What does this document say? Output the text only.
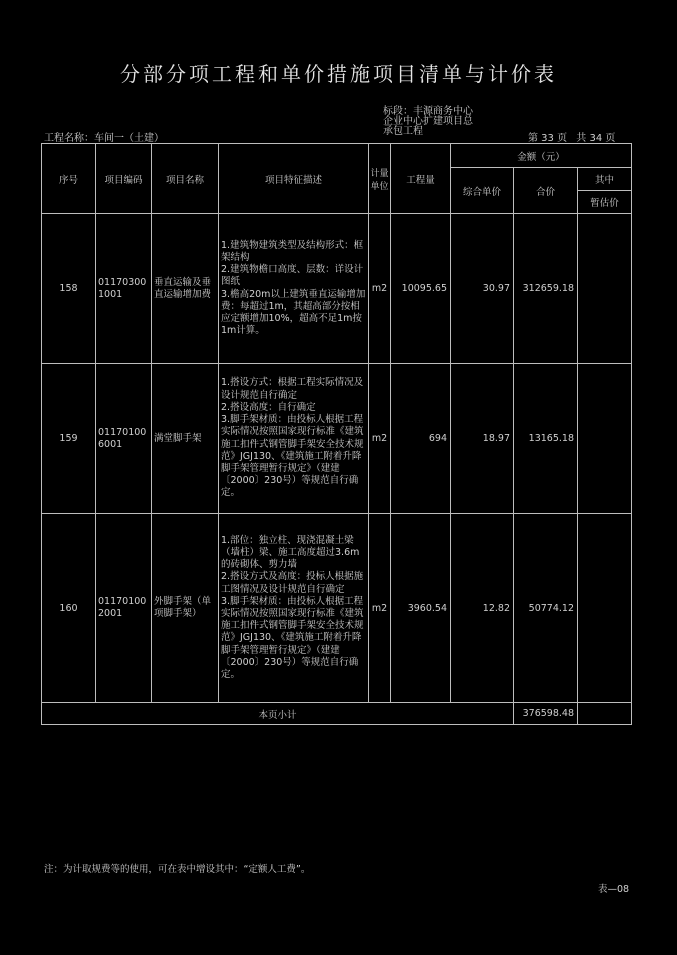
分部分项工程和单价措施项目清单与计价表
标段：丰源商务中心
企业中心扩建项目总
承包工程
工程名称：车间一（土建）	第 33 页 共 34 页
序号	项目编码	项目名称	项目特征描述	计量单位	工程量	金额（元）		
						综合单价	合价	其中
								暂估价
158	011703001001	垂直运输及垂直运输增加费	1.建筑物建筑类型及结构形式：框架结构
2.建筑物檐口高度、层数：详设计图纸
3.檐高20m以上建筑垂直运输增加费：每超过1m，其超高部分按相应定额增加10%，超高不足1m按1m计算。	m2	10095.65	30.97	312659.18	
159	011701006001	满堂脚手架	1.搭设方式：根据工程实际情况及设计规范自行确定
2.搭设高度：自行确定
3.脚手架材质：由投标人根据工程实际情况按照国家现行标准《建筑施工扣件式钢管脚手架安全技术规范》JGJ130、《建筑施工附着升降脚手架管理暂行规定》（建建〔2000〕230号）等规范自行确定。	m2	694	18.97	13165.18	
160	011701002001	外脚手架（单项脚手架）	1.部位：独立柱、现浇混凝土梁（墙柱）梁、施工高度超过3.6m的砖砌体、剪力墙
2.搭设方式及高度：投标人根据施工图情况及设计规范自行确定
3.脚手架材质：由投标人根据工程实际情况按照国家现行标准《建筑施工扣件式钢管脚手架安全技术规范》JGJ130、《建筑施工附着升降脚手架管理暂行规定》（建建〔2000〕230号）等规范自行确定。	m2	3960.54	12.82	50774.12	
本页小计							376598.48	
注：为计取规费等的使用，可在表中增设其中：“定额人工费”。
表—08
